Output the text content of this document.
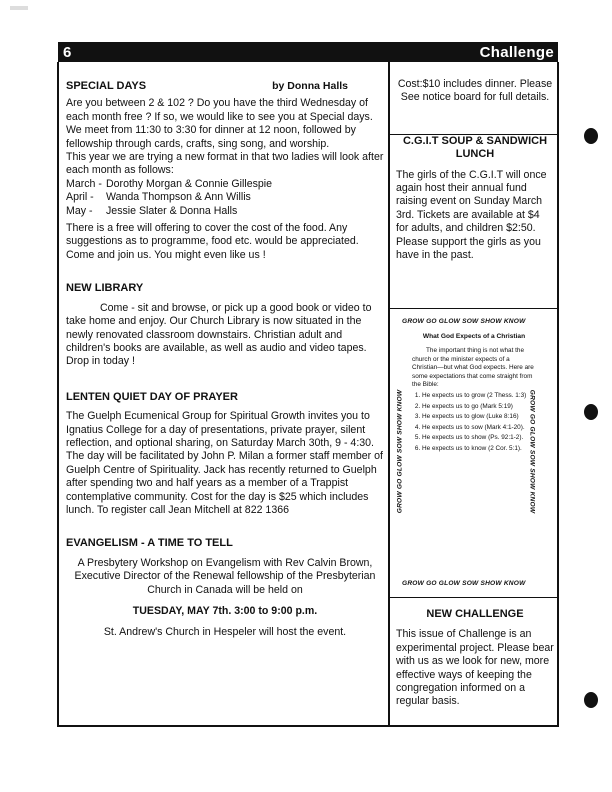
6	Challenge
SPECIAL DAYS	by Donna Halls

Are you between 2 & 102 ? Do you have the third Wednesday of each month free ? If so, we would like to see you at Special days. We meet from 11:30 to 3:30 for dinner at 12 noon, followed by fellowship through cards, crafts, sing song, and worship.

This year we are trying a new format in that two ladies will look after each month as follows:

March - Dorothy Morgan & Connie Gillespie
April -	Wanda Thompson & Ann Willis
May -	Jessie Slater & Donna Halls

There is a free will offering to cover the cost of the food. Any suggestions as to programme, food etc. would be appreciated. Come and join us. You might even like us !

NEW LIBRARY

Come - sit and browse, or pick up a good book or video to take home and enjoy. Our Church Library is now situated in the newly renovated classroom downstairs. Christian adult and children's books are available, as well as audio and video tapes. Drop in today !

LENTEN QUIET DAY OF PRAYER

The Guelph Ecumenical Group for Spiritual Growth invites you to Ignatius College for a day of presentations, private prayer, silent reflection, and optional sharing, on Saturday March 30th, 9 - 4:30. The day will be facilitated by John P. Milan a former staff member of Guelph Centre of Spirituality. Jack has recently returned to Guelph after spending two and half years as a member of a Trappist contemplative community. Cost for the day is $25 which includes lunch. To register call Jean Mitchell at 822 1366

EVANGELISM - A TIME TO TELL

A Presbytery Workshop on Evangelism with Rev Calvin Brown, Executive Director of the Renewal fellowship of the Presbyterian Church in Canada will be held on

TUESDAY, MAY 7th. 3:00 to 9:00 p.m.

St. Andrew's Church in Hespeler will host the event.

Cost:$10 includes dinner. Please See notice board for full details.

C.G.I.T SOUP & SANDWICH LUNCH

The girls of the C.G.I.T will once again host their annual fund raising event on Sunday March 3rd. Tickets are available at $4 for adults, and children $2:50. Please support the girls as you have in the past.

GROW GO GLOW SOW SHOW KNOW
GROW GO GLOW SOW SHOW KNOW
GROW GO GLOW SOW SHOW KNOW	GROW GO GLOW SOW SHOW KNOW
What God Expects of a Christian

The important thing is not what the church or the minister expects of a Christian—but what God expects. Here are some expectations that come straight from the Bible:

1. He expects us to grow (2 Thess. 1:3)
2. He expects us to go (Mark 5:19)
3. He expects us to glow (Luke 8:16)
4. He expects us to sow (Mark 4:1-20).
5. He expects us to show (Ps. 92:1-2).
6. He expects us to know (2 Cor. 5:1).
NEW CHALLENGE

This issue of Challenge is an experimental project. Please bear with us as we look for new, more effective ways of keeping the congregation informed on a regular basis.
